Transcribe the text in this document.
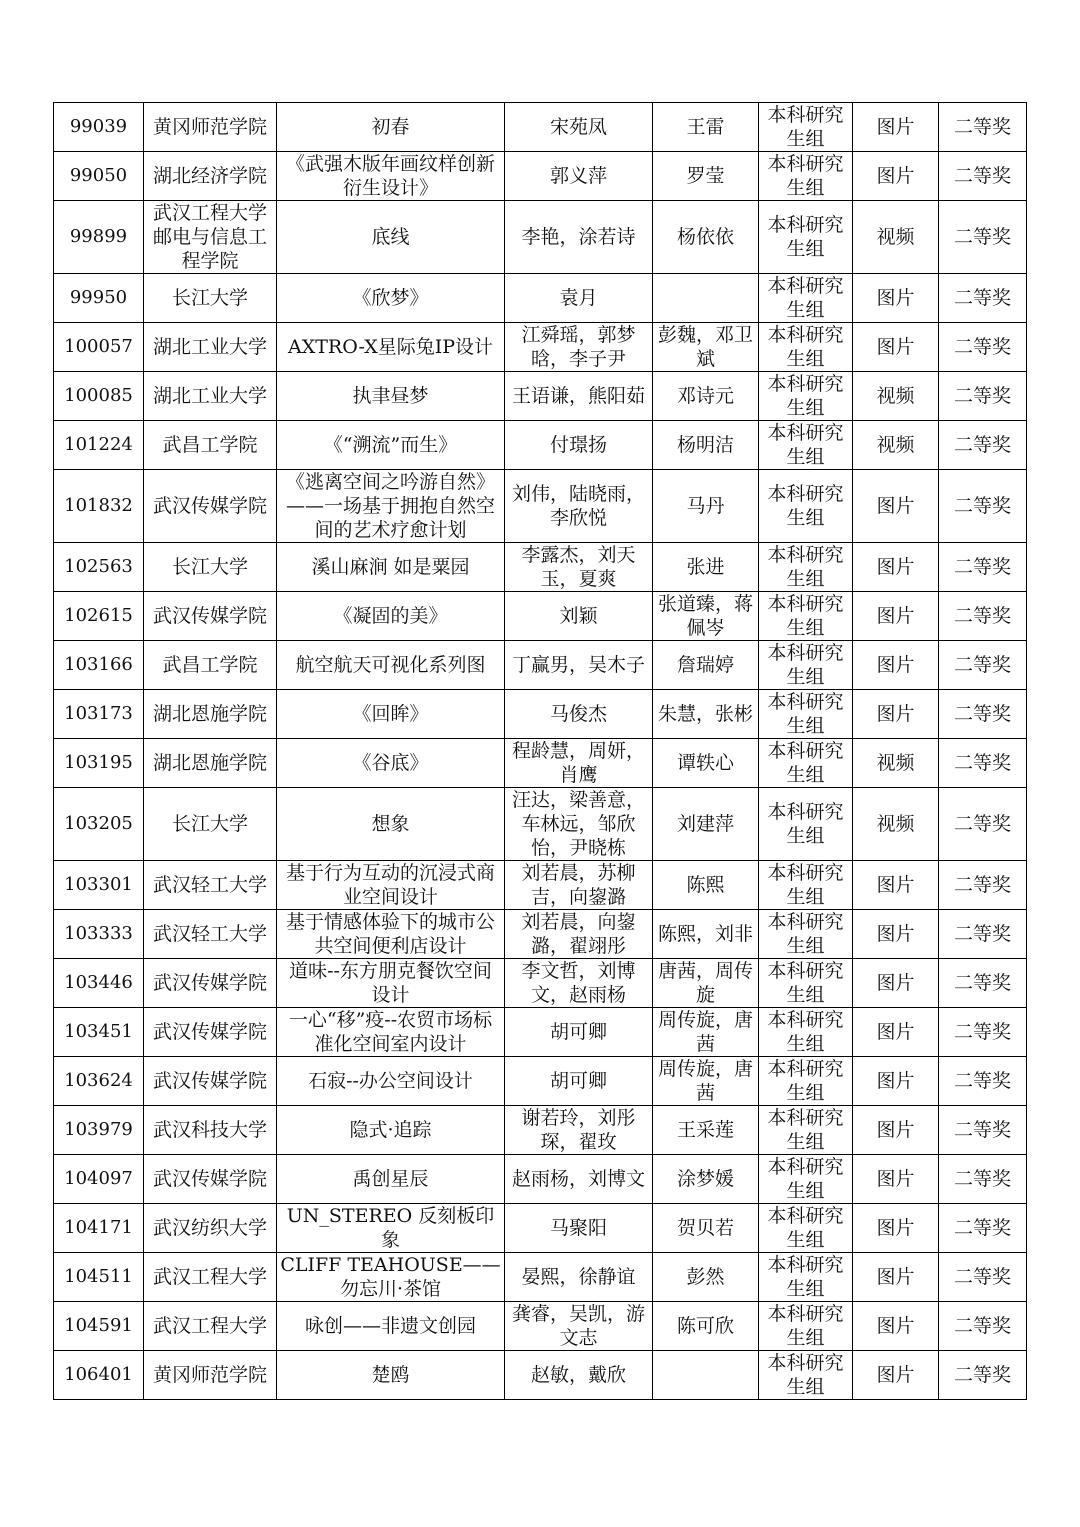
99039	黄冈师范学院	初春	宋苑凤	王雷	本科研究生组	图片	二等奖
99050	湖北经济学院	《武强木版年画纹样创新衍生设计》	郭义萍	罗莹	本科研究生组	图片	二等奖
99899	武汉工程大学邮电与信息工程学院	底线	李艳，涂若诗	杨依依	本科研究生组	视频	二等奖
99950	长江大学	《欣梦》	袁月		本科研究生组	图片	二等奖
100057	湖北工业大学	AXTRO-X星际兔IP设计	江舜瑶，郭梦晗，李子尹	彭魏，邓卫斌	本科研究生组	图片	二等奖
100085	湖北工业大学	执聿昼梦	王语谦，熊阳茹	邓诗元	本科研究生组	视频	二等奖
101224	武昌工学院	《“溯流”而生》	付璟扬	杨明洁	本科研究生组	视频	二等奖
101832	武汉传媒学院	《逃离空间之吟游自然》——一场基于拥抱自然空间的艺术疗愈计划	刘伟，陆晓雨，李欣悦	马丹	本科研究生组	图片	二等奖
102563	长江大学	溪山麻涧 如是粟园	李露杰，刘天玉，夏爽	张进	本科研究生组	图片	二等奖
102615	武汉传媒学院	《凝固的美》	刘颖	张道臻，蒋佩岑	本科研究生组	图片	二等奖
103166	武昌工学院	航空航天可视化系列图	丁赢男，吴木子	詹瑞婷	本科研究生组	图片	二等奖
103173	湖北恩施学院	《回眸》	马俊杰	朱慧，张彬	本科研究生组	图片	二等奖
103195	湖北恩施学院	《谷底》	程龄慧，周妍，肖鹰	谭轶心	本科研究生组	视频	二等奖
103205	长江大学	想象	汪达，梁善意，车林远，邹欣怡，尹晓栋	刘建萍	本科研究生组	视频	二等奖
103301	武汉轻工大学	基于行为互动的沉浸式商业空间设计	刘若晨，苏柳吉，向鋆潞	陈熙	本科研究生组	图片	二等奖
103333	武汉轻工大学	基于情感体验下的城市公共空间便利店设计	刘若晨，向鋆潞，翟翊彤	陈熙，刘非	本科研究生组	图片	二等奖
103446	武汉传媒学院	道味--东方朋克餐饮空间设计	李文哲，刘博文，赵雨杨	唐茜，周传旋	本科研究生组	图片	二等奖
103451	武汉传媒学院	一心“移”疫--农贸市场标准化空间室内设计	胡可卿	周传旋，唐茜	本科研究生组	图片	二等奖
103624	武汉传媒学院	石寂--办公空间设计	胡可卿	周传旋，唐茜	本科研究生组	图片	二等奖
103979	武汉科技大学	隐式·追踪	谢若玲，刘彤琛，翟玫	王采莲	本科研究生组	图片	二等奖
104097	武汉传媒学院	禹创星辰	赵雨杨，刘博文	涂梦媛	本科研究生组	图片	二等奖
104171	武汉纺织大学	UN_STEREO 反刻板印象	马聚阳	贺贝若	本科研究生组	图片	二等奖
104511	武汉工程大学	CLIFF TEAHOUSE——勿忘川·茶馆	晏熙，徐静谊	彭然	本科研究生组	图片	二等奖
104591	武汉工程大学	咏创——非遗文创园	龚睿，吴凯，游文志	陈可欣	本科研究生组	图片	二等奖
106401	黄冈师范学院	楚鸥	赵敏，戴欣		本科研究生组	图片	二等奖
